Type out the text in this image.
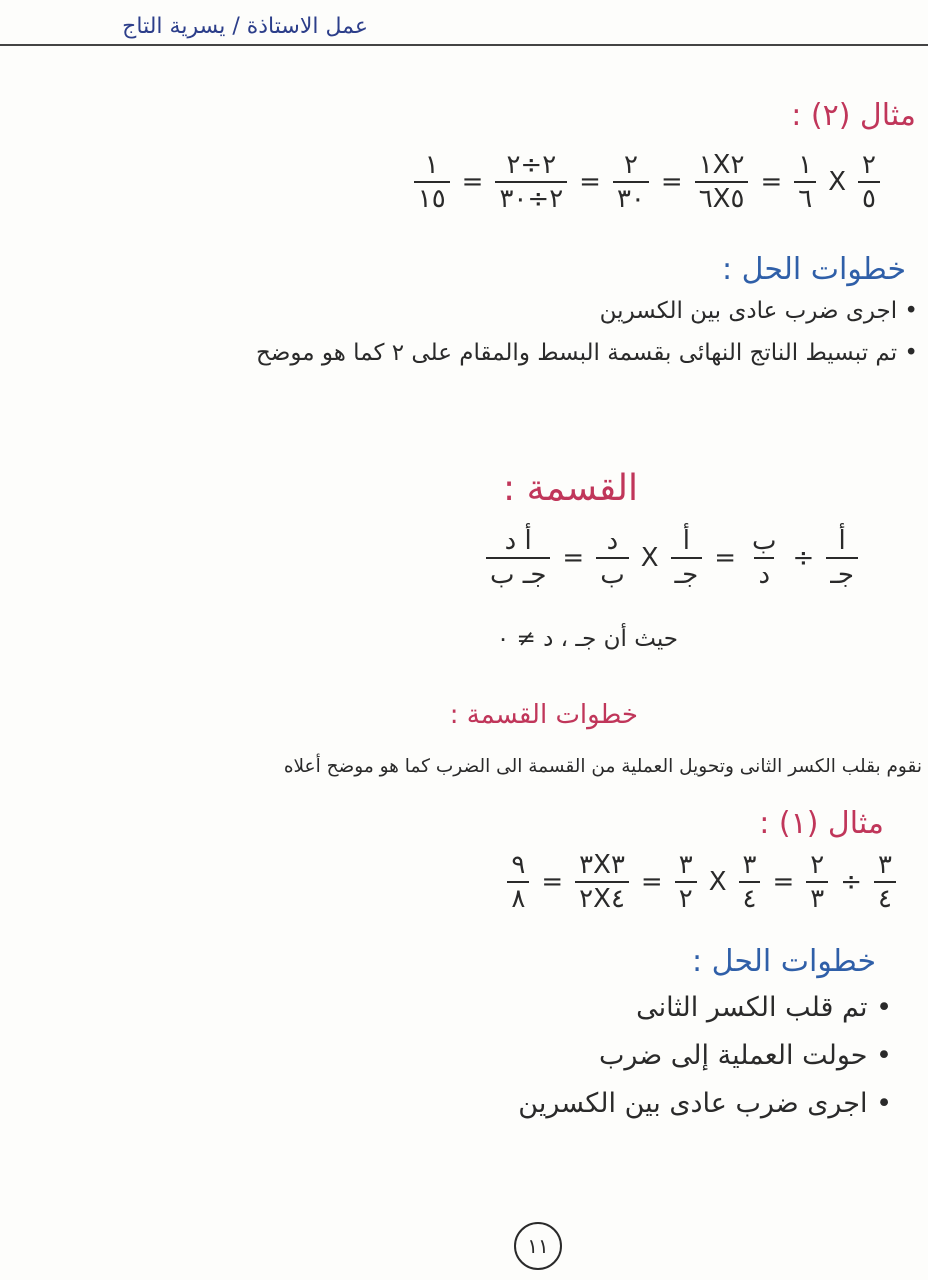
عمل الاستاذة / يسرية التاج
مثال (٢) :
$\frac{٢}{٥}$
X
$\frac{١}{٦}$
=
$\frac{١X٢}{٦X٥}$
=
$\frac{٢}{٣٠}$
=
$\frac{٢\div ٢}{٢\div ٣٠}$
=
$\frac{١}{١٥}$
خطوات الحل :
• اجرى ضرب عادى بين الكسرين
• تم تبسيط الناتج النهائى بقسمة البسط والمقام على ٢ كما هو موضح
القسمة :
$\frac{\text{أ}}{\text{جـ}}$
÷
$\frac{\text{ب}}{\text{د}}$
=
$\frac{\text{أ}}{\text{جـ}}$
X
$\frac{\text{د}}{\text{ب}}$
=
$\frac{\text{أ د}}{\text{جـ ب}}$
حيث أن جـ ، د ≠ ٠
خطوات القسمة :
نقوم بقلب الكسر الثانى وتحويل العملية من القسمة الى الضرب كما هو موضح أعلاه
مثال (١) :
$\frac{٣}{٤}$
÷
$\frac{٢}{٣}$
=
$\frac{٣}{٤}$
X
$\frac{٣}{٢}$
=
$\frac{٣X٣}{٢X٤}$
=
$\frac{٩}{٨}$
خطوات الحل :
• تم قلب الكسر الثانى
• حولت العملية إلى ضرب
• اجرى ضرب عادى بين الكسرين
١١
